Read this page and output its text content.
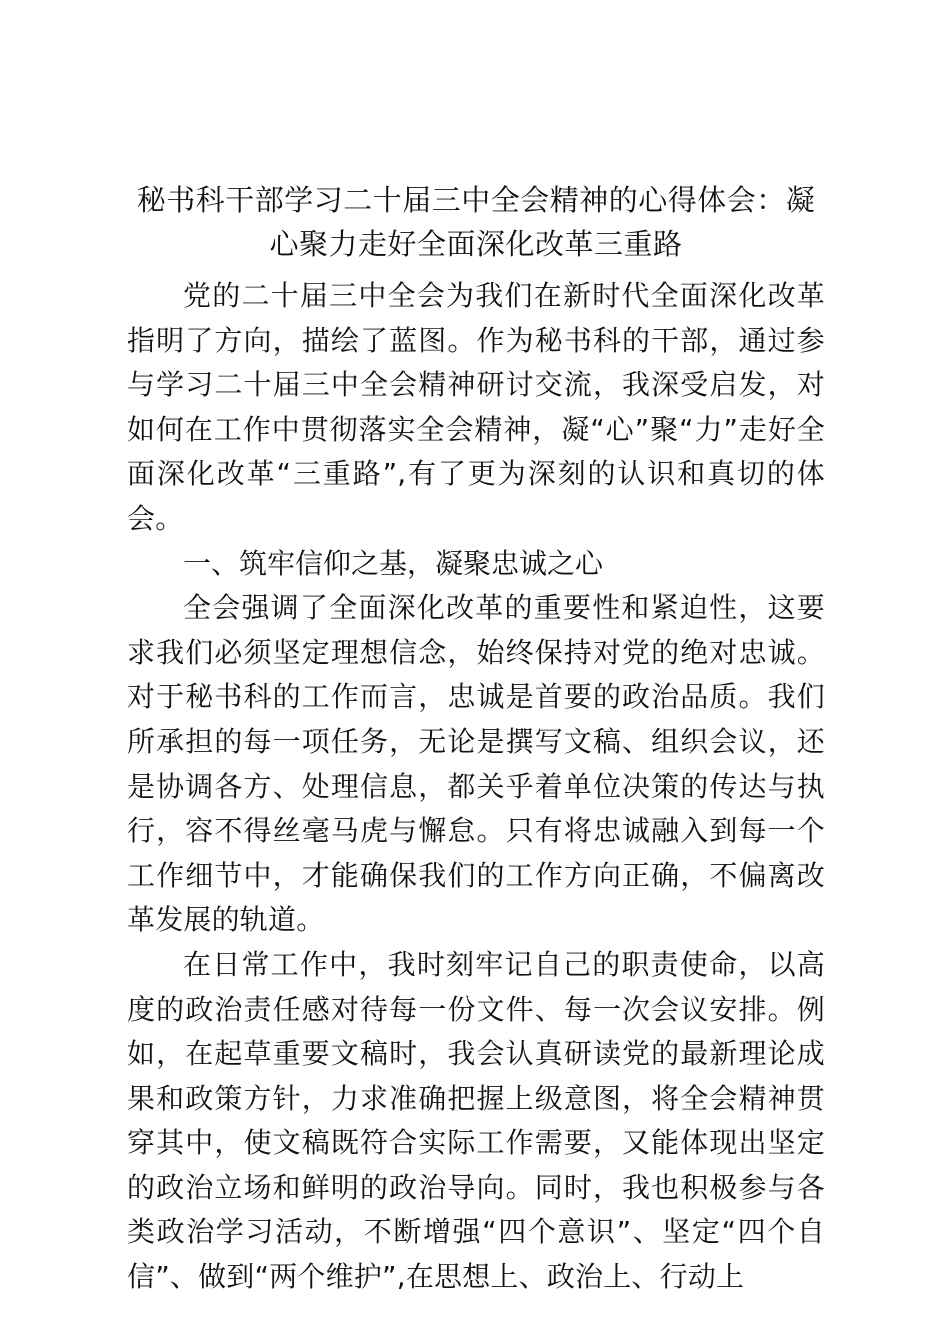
秘书科干部学习二十届三中全会精神的心得体会：凝心聚力走好全面深化改革三重路

党的二十届三中全会为我们在新时代全面深化改革指明了方向，描绘了蓝图。作为秘书科的干部，通过参与学习二十届三中全会精神研讨交流，我深受启发，对如何在工作中贯彻落实全会精神，凝“心”聚“力”走好全面深化改革“三重路”,有了更为深刻的认识和真切的体会。

一、筑牢信仰之基，凝聚忠诚之心

全会强调了全面深化改革的重要性和紧迫性，这要求我们必须坚定理想信念，始终保持对党的绝对忠诚。对于秘书科的工作而言，忠诚是首要的政治品质。我们所承担的每一项任务，无论是撰写文稿、组织会议，还是协调各方、处理信息，都关乎着单位决策的传达与执行，容不得丝毫马虎与懈怠。只有将忠诚融入到每一个工作细节中，才能确保我们的工作方向正确，不偏离改革发展的轨道。

在日常工作中，我时刻牢记自己的职责使命，以高度的政治责任感对待每一份文件、每一次会议安排。例如，在起草重要文稿时，我会认真研读党的最新理论成果和政策方针，力求准确把握上级意图，将全会精神贯穿其中，使文稿既符合实际工作需要，又能体现出坚定的政治立场和鲜明的政治导向。同时，我也积极参与各类政治学习活动，不断增强“四个意识”、坚定“四个自信”、做到“两个维护”,在思想上、政治上、行动上
